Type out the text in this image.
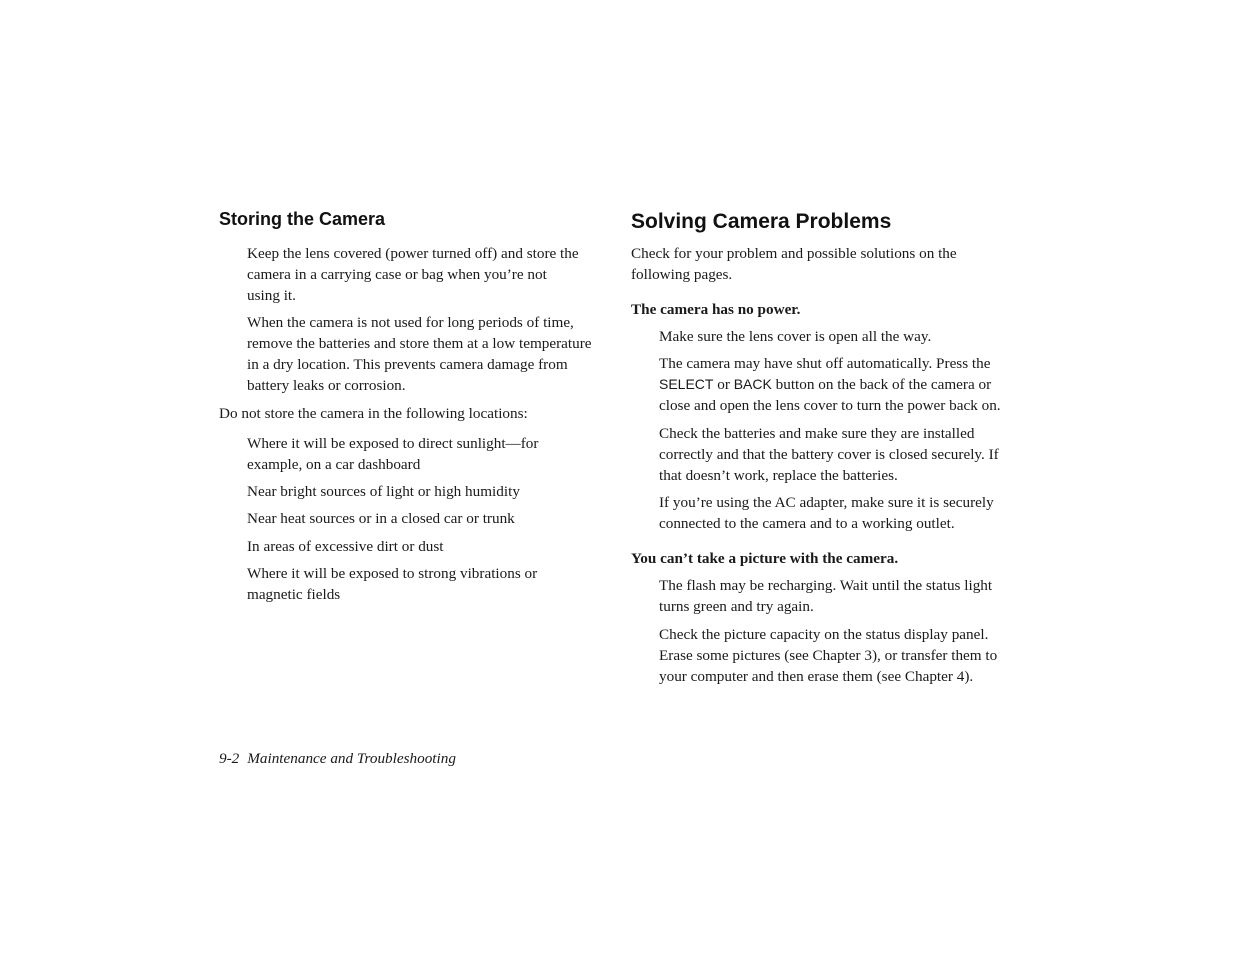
Storing the Camera
Keep the lens covered (power turned off) and store the
camera in a carrying case or bag when you’re not
using it.
When the camera is not used for long periods of time,
remove the batteries and store them at a low temperature
in a dry location. This prevents camera damage from
battery leaks or corrosion.
Do not store the camera in the following locations:
Where it will be exposed to direct sunlight—for
example, on a car dashboard
Near bright sources of light or high humidity
Near heat sources or in a closed car or trunk
In areas of excessive dirt or dust
Where it will be exposed to strong vibrations or
magnetic fields
Solving Camera Problems
Check for your problem and possible solutions on the
following pages.
The camera has no power.
Make sure the lens cover is open all the way.
The camera may have shut off automatically. Press the
SELECT or BACK button on the back of the camera or
close and open the lens cover to turn the power back on.
Check the batteries and make sure they are installed
correctly and that the battery cover is closed securely. If
that doesn’t work, replace the batteries.
If you’re using the AC adapter, make sure it is securely
connected to the camera and to a working outlet.
You can’t take a picture with the camera.
The flash may be recharging. Wait until the status light
turns green and try again.
Check the picture capacity on the status display panel.
Erase some pictures (see Chapter 3), or transfer them to
your computer and then erase them (see Chapter 4).
9-2 Maintenance and Troubleshooting
